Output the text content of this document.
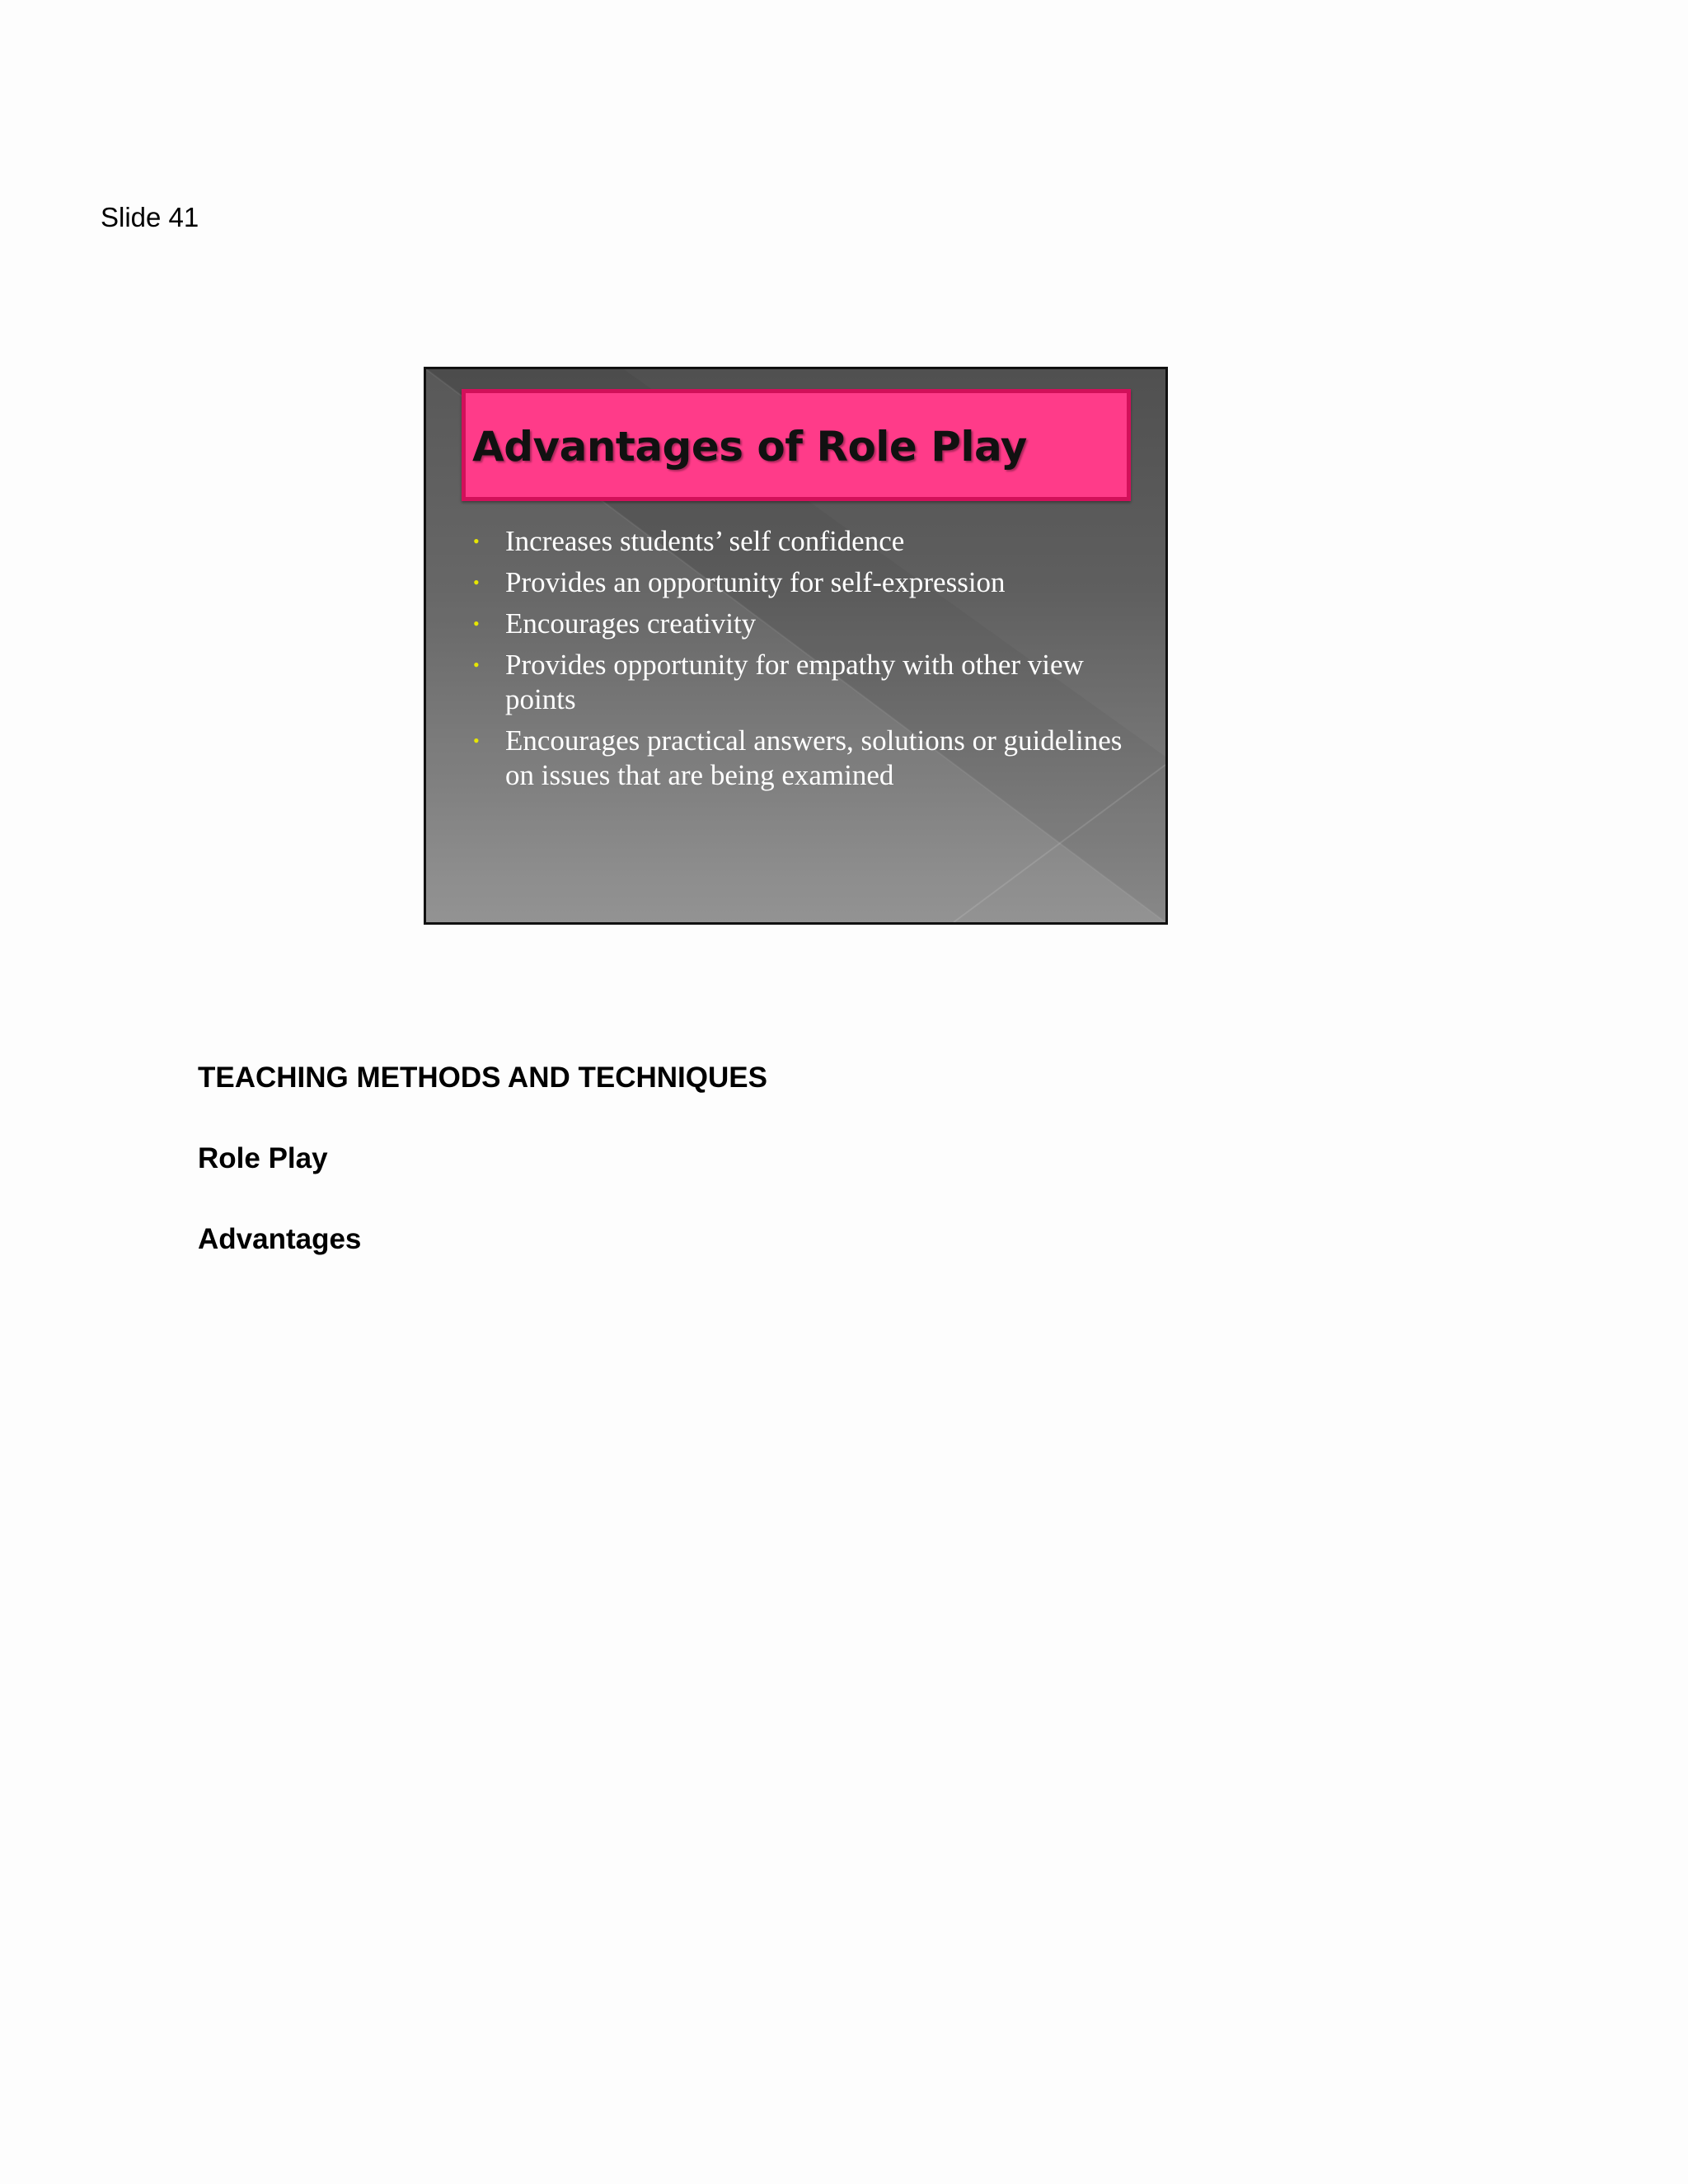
Slide 41
Advantages of Role Play
• Increases students’ self confidence
• Provides an opportunity for self-expression
• Encourages creativity
• Provides opportunity for empathy with other view points
• Encourages practical answers, solutions or guidelines on issues that are being examined
TEACHING METHODS AND TECHNIQUES
Role Play
Advantages
